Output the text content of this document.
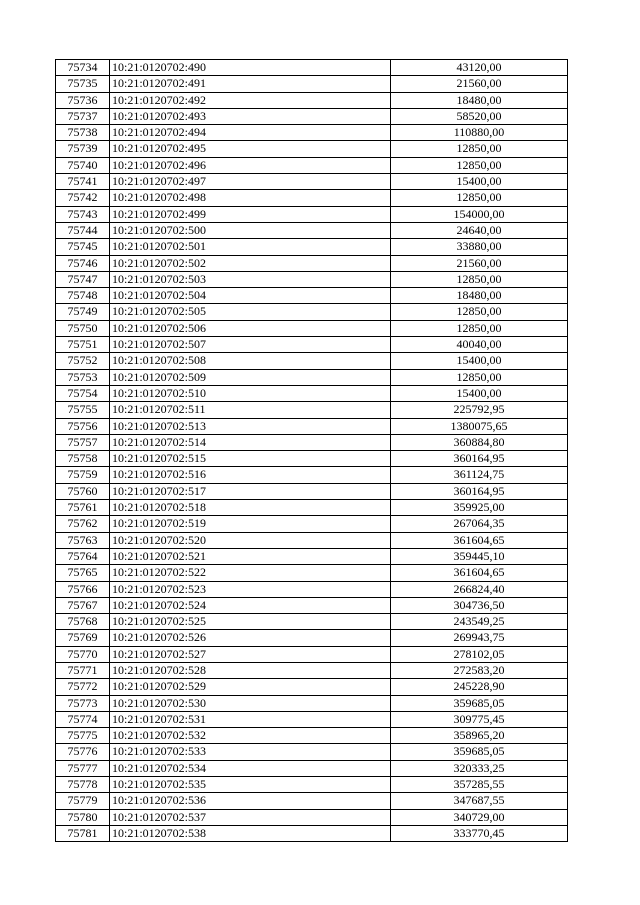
75734	10:21:0120702:490	43120,00
75735	10:21:0120702:491	21560,00
75736	10:21:0120702:492	18480,00
75737	10:21:0120702:493	58520,00
75738	10:21:0120702:494	110880,00
75739	10:21:0120702:495	12850,00
75740	10:21:0120702:496	12850,00
75741	10:21:0120702:497	15400,00
75742	10:21:0120702:498	12850,00
75743	10:21:0120702:499	154000,00
75744	10:21:0120702:500	24640,00
75745	10:21:0120702:501	33880,00
75746	10:21:0120702:502	21560,00
75747	10:21:0120702:503	12850,00
75748	10:21:0120702:504	18480,00
75749	10:21:0120702:505	12850,00
75750	10:21:0120702:506	12850,00
75751	10:21:0120702:507	40040,00
75752	10:21:0120702:508	15400,00
75753	10:21:0120702:509	12850,00
75754	10:21:0120702:510	15400,00
75755	10:21:0120702:511	225792,95
75756	10:21:0120702:513	1380075,65
75757	10:21:0120702:514	360884,80
75758	10:21:0120702:515	360164,95
75759	10:21:0120702:516	361124,75
75760	10:21:0120702:517	360164,95
75761	10:21:0120702:518	359925,00
75762	10:21:0120702:519	267064,35
75763	10:21:0120702:520	361604,65
75764	10:21:0120702:521	359445,10
75765	10:21:0120702:522	361604,65
75766	10:21:0120702:523	266824,40
75767	10:21:0120702:524	304736,50
75768	10:21:0120702:525	243549,25
75769	10:21:0120702:526	269943,75
75770	10:21:0120702:527	278102,05
75771	10:21:0120702:528	272583,20
75772	10:21:0120702:529	245228,90
75773	10:21:0120702:530	359685,05
75774	10:21:0120702:531	309775,45
75775	10:21:0120702:532	358965,20
75776	10:21:0120702:533	359685,05
75777	10:21:0120702:534	320333,25
75778	10:21:0120702:535	357285,55
75779	10:21:0120702:536	347687,55
75780	10:21:0120702:537	340729,00
75781	10:21:0120702:538	333770,45
